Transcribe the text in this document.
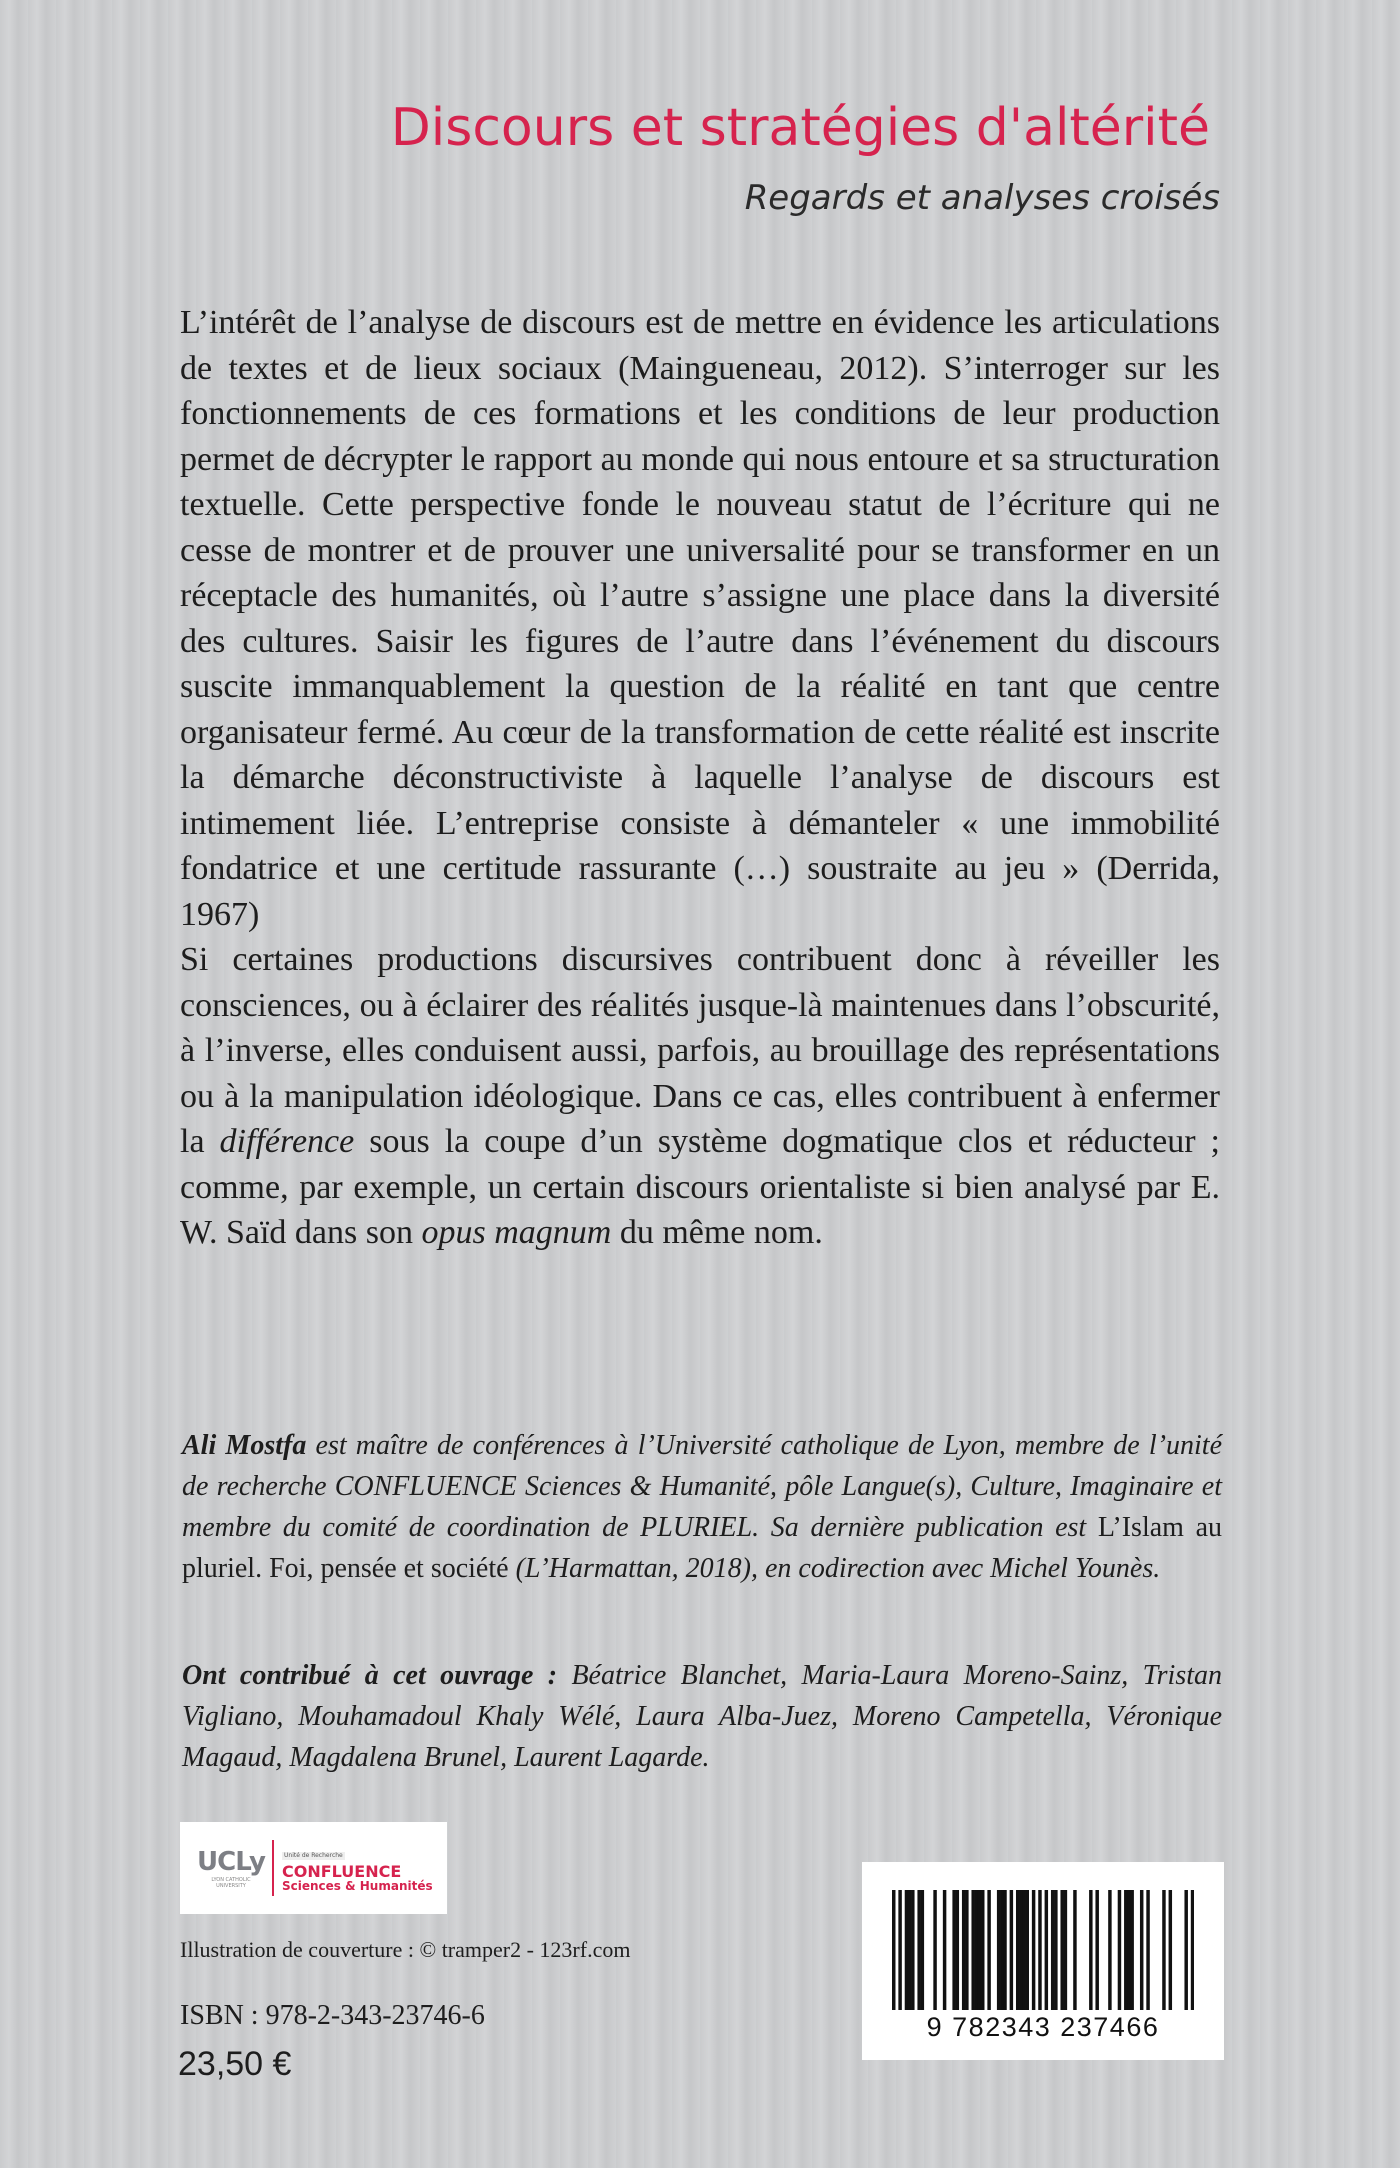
Discours et stratégies d'altérité
Regards et analyses croisés

L’intérêt de l’analyse de discours est de mettre en évidence les articulations de textes et de lieux sociaux (Maingueneau, 2012). S’interroger sur les fonctionnements de ces formations et les conditions de leur production permet de décrypter le rapport au monde qui nous entoure et sa structuration textuelle. Cette perspective fonde le nouveau statut de l’écriture qui ne cesse de montrer et de prouver une universalité pour se transformer en un réceptacle des humanités, où l’autre s’assigne une place dans la diversité des cultures. Saisir les figures de l’autre dans l’événement du discours suscite immanquablement la question de la réalité en tant que centre organisateur fermé. Au cœur de la transformation de cette réalité est inscrite la démarche déconstructiviste à laquelle l’analyse de discours est intimement liée. L’entreprise consiste à démanteler « une immobilité fondatrice et une certitude rassurante (…) soustraite au jeu » (Derrida, 1967)

Si certaines productions discursives contribuent donc à réveiller les consciences, ou à éclairer des réalités jusque-là maintenues dans l’obscurité, à l’inverse, elles conduisent aussi, parfois, au brouillage des représentations ou à la manipulation idéologique. Dans ce cas, elles contribuent à enfermer la différence sous la coupe d’un système dogmatique clos et réducteur ; comme, par exemple, un certain discours orientaliste si bien analysé par E. W. Saïd dans son opus magnum du même nom.

Ali Mostfa est maître de conférences à l’Université catholique de Lyon, membre de l’unité de recherche CONFLUENCE Sciences & Humanité, pôle Langue(s), Culture, Imaginaire et membre du comité de coordination de PLURIEL. Sa dernière publication est L’Islam au pluriel. Foi, pensée et société (L’Harmattan, 2018), en codirection avec Michel Younès.

Ont contribué à cet ouvrage : Béatrice Blanchet, Maria-Laura Moreno-Sainz, Tristan Vigliano, Mouhamadoul Khaly Wélé, Laura Alba-Juez, Moreno Campetella, Véronique Magaud, Magdalena Brunel, Laurent Lagarde.

UCLy
LYON CATHOLIC UNIVERSITY
Unité de Recherche
CONFLUENCE
Sciences & Humanités
Illustration de couverture : © tramper2 - 123rf.com
ISBN : 978-2-343-23746-6
23,50 €
9 782343 237466
